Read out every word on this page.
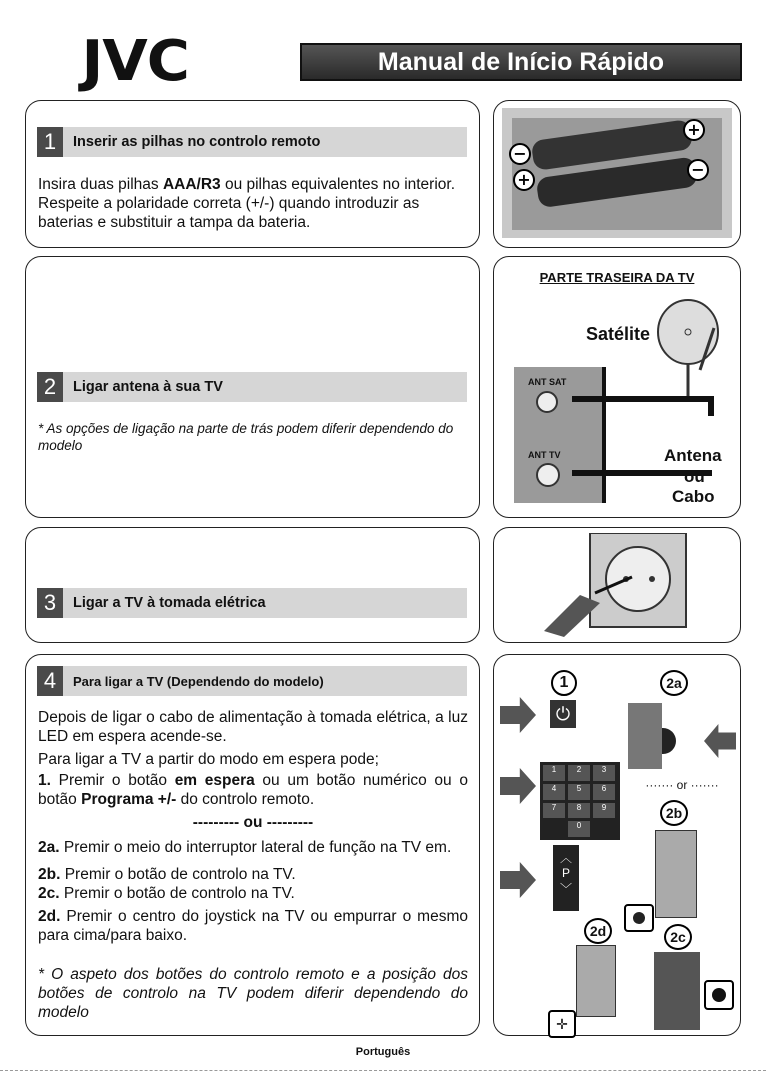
JVC	Manual de Início Rápido
1	Inserir as pilhas no controlo remoto
Insira duas pilhas AAA/R3 ou pilhas equivalentes no interior. Respeite a polaridade correta (+/-) quando introduzir as baterias e substituir a tampa da bateria.
+
−
+
−
2	Ligar antena à sua TV
* As opções de ligação na parte de trás podem diferir dependendo do modelo
PARTE TRASEIRA DA TV
Satélite
ANT SAT
ANT TV	Antena
ou
Cabo
3	Ligar a TV à tomada elétrica
4	Para ligar a TV (Dependendo do modelo)

Depois de ligar o cabo de alimentação à tomada elétrica, a luz LED em espera acende-se.

Para ligar a TV a partir do modo em espera pode;

1. Premir o botão em espera ou um botão numérico ou o botão Programa +/- do controlo remoto.

--------- ou ---------

2a. Premir o meio do interruptor lateral de função na TV em.

2b. Premir o botão de controlo na TV.

2c. Premir o botão de controlo na TV.

2d. Premir o centro do joystick na TV ou empurrar o mesmo para cima/para baixo.

* O aspeto dos botões do controlo remoto e a posição dos botões de controlo na TV podem diferir dependendo do modelo

1	2a
⏻
1	2	3
4	5	6
7	8	9
0
······· or ·······
2b
︿
P
﹀
2d	2c
✛
Português
